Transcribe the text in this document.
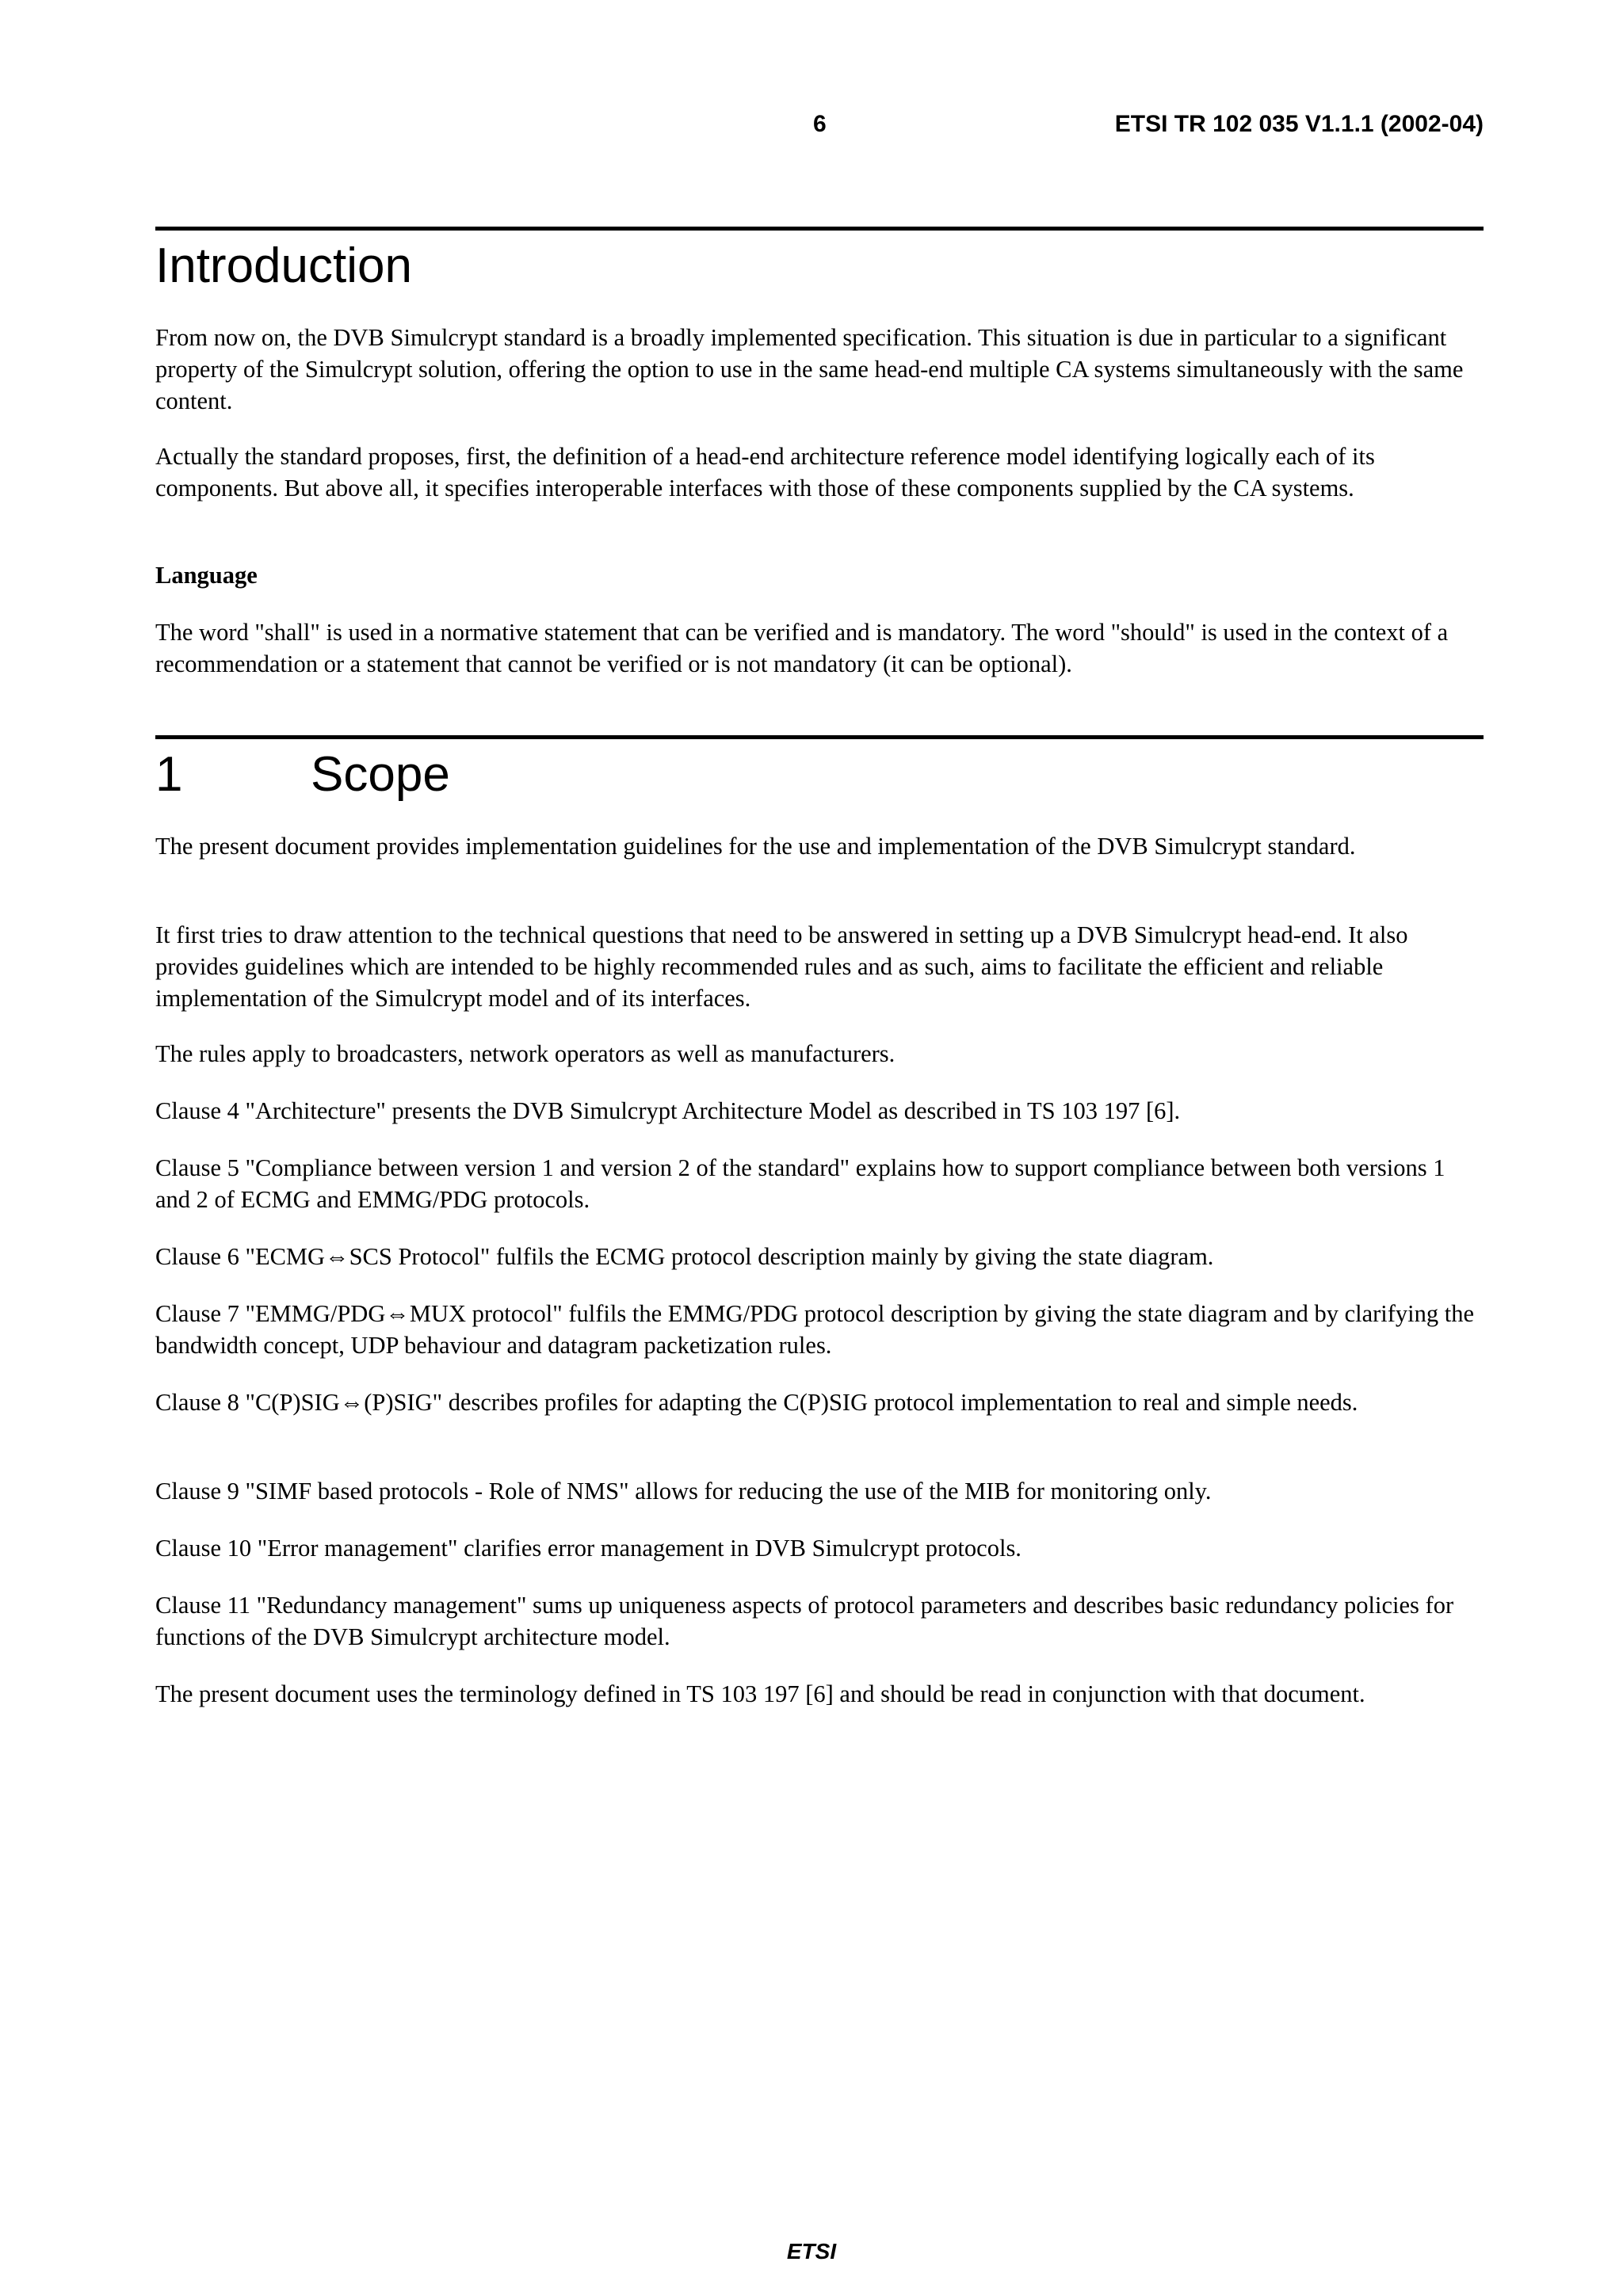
6	ETSI TR 102 035 V1.1.1 (2002-04)
Introduction

From now on, the DVB Simulcrypt standard is a broadly implemented specification. This situation is due in particular to a significant property of the Simulcrypt solution, offering the option to use in the same head-end multiple CA systems simultaneously with the same content.

Actually the standard proposes, first, the definition of a head-end architecture reference model identifying logically each of its components. But above all, it specifies interoperable interfaces with those of these components supplied by the CA systems.

Language

The word "shall" is used in a normative statement that can be verified and is mandatory. The word "should" is used in the context of a recommendation or a statement that cannot be verified or is not mandatory (it can be optional).

1	Scope

The present document provides implementation guidelines for the use and implementation of the DVB Simulcrypt standard.

It first tries to draw attention to the technical questions that need to be answered in setting up a DVB Simulcrypt head-end. It also provides guidelines which are intended to be highly recommended rules and as such, aims to facilitate the efficient and reliable implementation of the Simulcrypt model and of its interfaces.

The rules apply to broadcasters, network operators as well as manufacturers.

Clause 4 "Architecture" presents the DVB Simulcrypt Architecture Model as described in TS 103 197 [6].

Clause 5 "Compliance between version 1 and version 2 of the standard" explains how to support compliance between both versions 1 and 2 of ECMG and EMMG/PDG protocols.

Clause 6 "ECMG⇔SCS Protocol" fulfils the ECMG protocol description mainly by giving the state diagram.

Clause 7 "EMMG/PDG⇔MUX protocol" fulfils the EMMG/PDG protocol description by giving the state diagram and by clarifying the bandwidth concept, UDP behaviour and datagram packetization rules.

Clause 8 "C(P)SIG⇔(P)SIG" describes profiles for adapting the C(P)SIG protocol implementation to real and simple needs.

Clause 9 "SIMF based protocols - Role of NMS" allows for reducing the use of the MIB for monitoring only.

Clause 10 "Error management" clarifies error management in DVB Simulcrypt protocols.

Clause 11 "Redundancy management" sums up uniqueness aspects of protocol parameters and describes basic redundancy policies for functions of the DVB Simulcrypt architecture model.

The present document uses the terminology defined in TS 103 197 [6] and should be read in conjunction with that document.

ETSI
